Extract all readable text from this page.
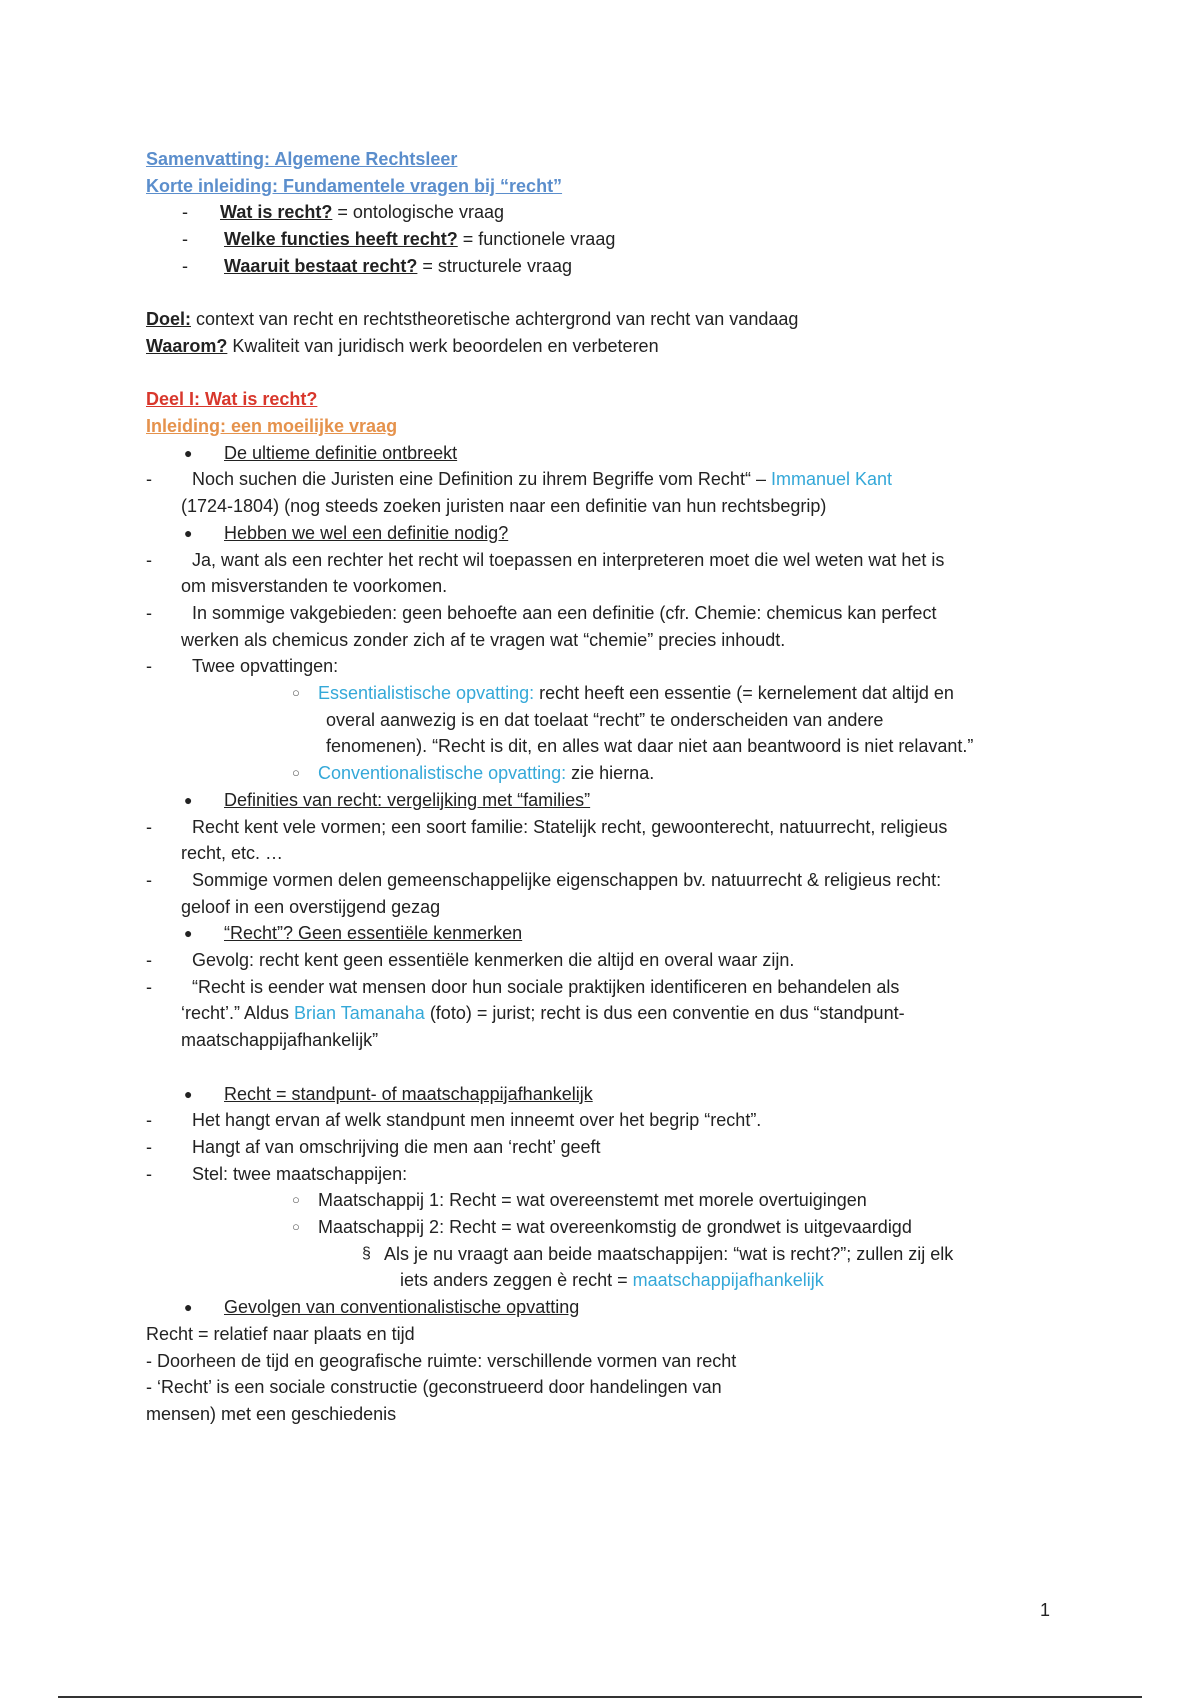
Samenvatting: Algemene Rechtsleer
Korte inleiding: Fundamentele vragen bij “recht”
- Wat is recht? = ontologische vraag
- Welke functies heeft recht? = functionele vraag
- Waaruit bestaat recht? = structurele vraag
Doel: context van recht en rechtstheoretische achtergrond van recht van vandaag
Waarom? Kwaliteit van juridisch werk beoordelen en verbeteren
Deel I: Wat is recht?
Inleiding: een moeilijke vraag
● De ultieme definitie ontbreekt
- Noch suchen die Juristen eine Definition zu ihrem Begriffe vom Recht“ – Immanuel Kant
(1724-1804) (nog steeds zoeken juristen naar een definitie van hun rechtsbegrip)
● Hebben we wel een definitie nodig?
- Ja, want als een rechter het recht wil toepassen en interpreteren moet die wel weten wat het is
om misverstanden te voorkomen.
- In sommige vakgebieden: geen behoefte aan een definitie (cfr. Chemie: chemicus kan perfect
werken als chemicus zonder zich af te vragen wat “chemie” precies inhoudt.
- Twee opvattingen:
○ Essentialistische opvatting: recht heeft een essentie (= kernelement dat altijd en
overal aanwezig is en dat toelaat “recht” te onderscheiden van andere
fenomenen). “Recht is dit, en alles wat daar niet aan beantwoord is niet relavant.”
○ Conventionalistische opvatting: zie hierna.
● Definities van recht: vergelijking met “families”
- Recht kent vele vormen; een soort familie: Statelijk recht, gewoonterecht, natuurrecht, religieus
recht, etc. …
- Sommige vormen delen gemeenschappelijke eigenschappen bv. natuurrecht & religieus recht:
geloof in een overstijgend gezag
● “Recht”? Geen essentiële kenmerken
- Gevolg: recht kent geen essentiële kenmerken die altijd en overal waar zijn.
- “Recht is eender wat mensen door hun sociale praktijken identificeren en behandelen als
‘recht’.” Aldus Brian Tamanaha (foto) = jurist; recht is dus een conventie en dus “standpunt-
maatschappijafhankelijk”
● Recht = standpunt- of maatschappijafhankelijk
- Het hangt ervan af welk standpunt men inneemt over het begrip “recht”.
- Hangt af van omschrijving die men aan ‘recht’ geeft
- Stel: twee maatschappijen:
○ Maatschappij 1: Recht = wat overeenstemt met morele overtuigingen
○ Maatschappij 2: Recht = wat overeenkomstig de grondwet is uitgevaardigd
§ Als je nu vraagt aan beide maatschappijen: “wat is recht?”; zullen zij elk
iets anders zeggen è recht = maatschappijafhankelijk
● Gevolgen van conventionalistische opvatting
Recht = relatief naar plaats en tijd
- Doorheen de tijd en geografische ruimte: verschillende vormen van recht
- ‘Recht’ is een sociale constructie (geconstrueerd door handelingen van
mensen) met een geschiedenis
1
